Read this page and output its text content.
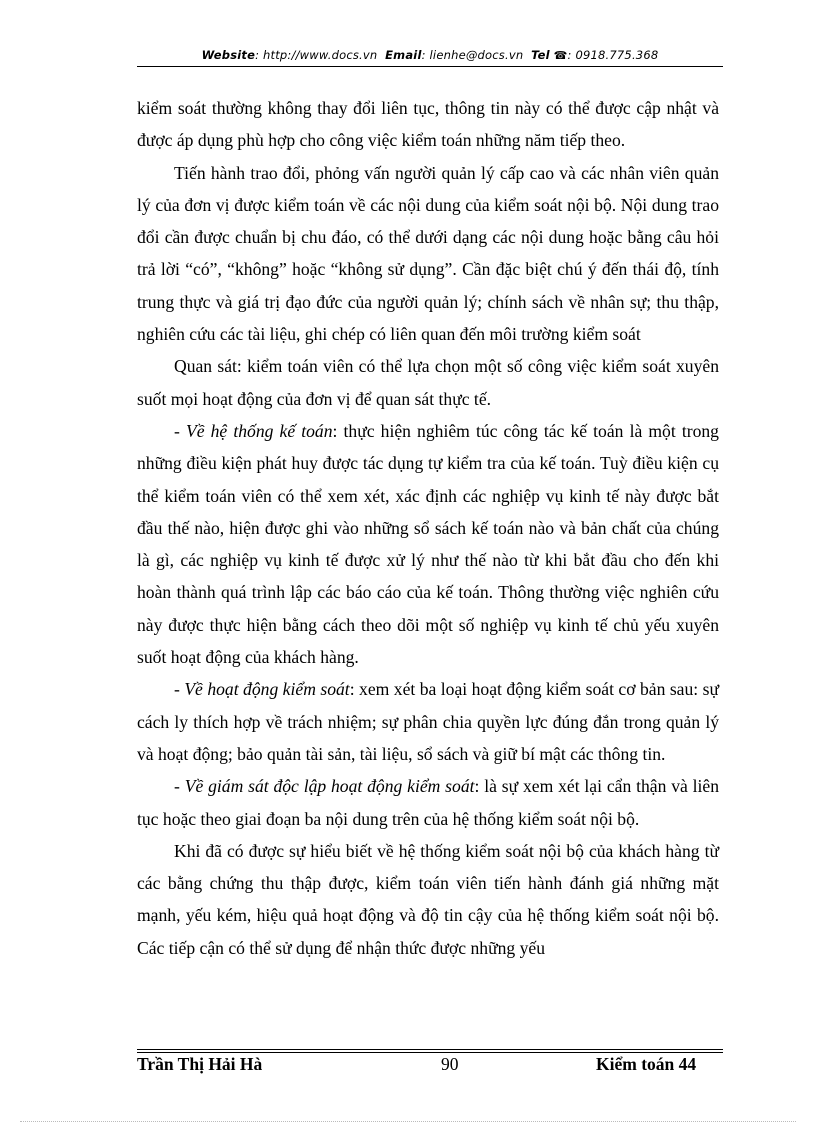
Website: http://www.docs.vn Email: lienhe@docs.vn Tel ☎: 0918.775.368

kiểm soát thường không thay đổi liên tục, thông tin này có thể được cập nhật và được áp dụng phù hợp cho công việc kiểm toán những năm tiếp theo.

Tiến hành trao đổi, phỏng vấn người quản lý cấp cao và các nhân viên quản lý của đơn vị được kiểm toán về các nội dung của kiểm soát nội bộ. Nội dung trao đổi cần được chuẩn bị chu đáo, có thể dưới dạng các nội dung hoặc bằng câu hỏi trả lời “có”, “không” hoặc “không sử dụng”. Cần đặc biệt chú ý đến thái độ, tính trung thực và giá trị đạo đức của người quản lý; chính sách về nhân sự; thu thập, nghiên cứu các tài liệu, ghi chép có liên quan đến môi trường kiểm soát

Quan sát: kiểm toán viên có thể lựa chọn một số công việc kiểm soát xuyên suốt mọi hoạt động của đơn vị để quan sát thực tế.

- Về hệ thống kế toán: thực hiện nghiêm túc công tác kế toán là một trong những điều kiện phát huy được tác dụng tự kiểm tra của kế toán. Tuỳ điều kiện cụ thể kiểm toán viên có thể xem xét, xác định các nghiệp vụ kinh tế này được bắt đầu thế nào, hiện được ghi vào những sổ sách kế toán nào và bản chất của chúng là gì, các nghiệp vụ kinh tế được xử lý như thế nào từ khi bắt đầu cho đến khi hoàn thành quá trình lập các báo cáo của kế toán. Thông thường việc nghiên cứu này được thực hiện bằng cách theo dõi một số nghiệp vụ kinh tế chủ yếu xuyên suốt hoạt động của khách hàng.

- Về hoạt động kiểm soát: xem xét ba loại hoạt động kiểm soát cơ bản sau: sự cách ly thích hợp về trách nhiệm; sự phân chia quyền lực đúng đắn trong quản lý và hoạt động; bảo quản tài sản, tài liệu, sổ sách và giữ bí mật các thông tin.

- Về giám sát độc lập hoạt động kiểm soát: là sự xem xét lại cẩn thận và liên tục hoặc theo giai đoạn ba nội dung trên của hệ thống kiểm soát nội bộ.

Khi đã có được sự hiểu biết về hệ thống kiểm soát nội bộ của khách hàng từ các bằng chứng thu thập được, kiểm toán viên tiến hành đánh giá những mặt mạnh, yếu kém, hiệu quả hoạt động và độ tin cậy của hệ thống kiểm soát nội bộ. Các tiếp cận có thể sử dụng để nhận thức được những yếu

Trần Thị Hải Hà	90	Kiểm toán 44
